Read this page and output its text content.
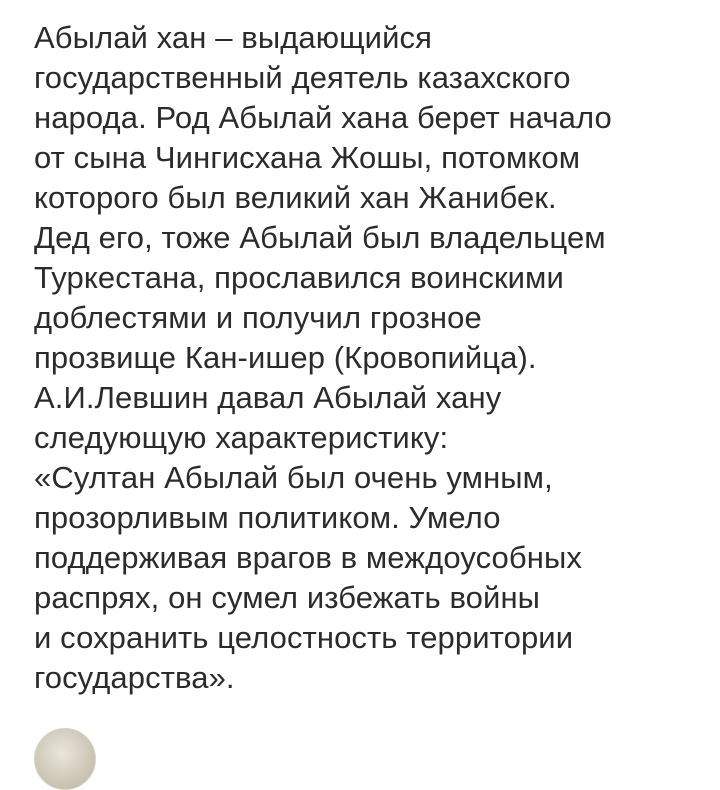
Абылай хан – выдающийся
государственный деятель казахского
народа. Род Абылай хана берет начало
от сына Чингисхана Жошы, потомком
которого был великий хан Жанибек.
Дед его, тоже Абылай был владельцем
Туркестана, прославился воинскими
доблестями и получил грозное
прозвище Кан-ишер (Кровопийца).
А.И.Левшин давал Абылай хану
следующую характеристику:
«Султан Абылай был очень умным,
прозорливым политиком. Умело
поддерживая врагов в междоусобных
распрях, он сумел избежать войны
и сохранить целостность территории
государства».
